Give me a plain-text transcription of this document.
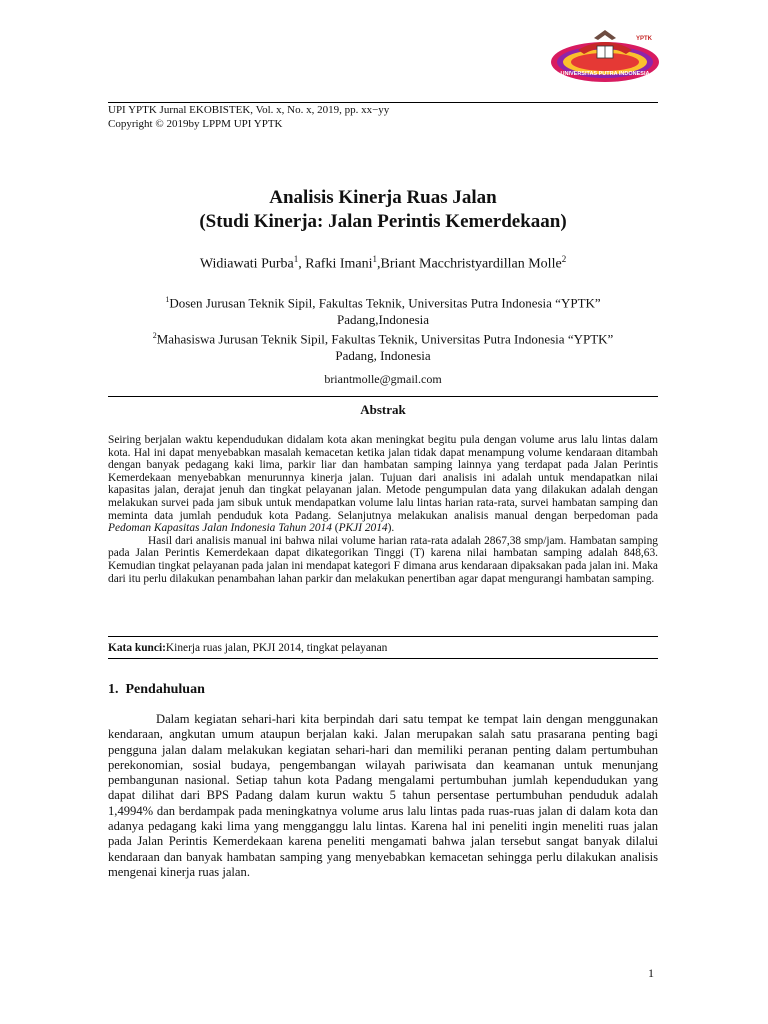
YPTK
UNIVERSITAS PUTRA INDONESIA
UPI YPTK Jurnal EKOBISTEK, Vol. x, No. x, 2019, pp. xx−yy
Copyright © 2019by LPPM UPI YPTK
Analisis Kinerja Ruas Jalan
(Studi Kinerja: Jalan Perintis Kemerdekaan)
Widiawati Purba$^1$, Rafki Imani$^1$,Briant Macchristyardillan Molle$^2$
$^1$Dosen Jurusan Teknik Sipil, Fakultas Teknik, Universitas Putra Indonesia “YPTK”
Padang,Indonesia
$^2$Mahasiswa Jurusan Teknik Sipil, Fakultas Teknik, Universitas Putra Indonesia “YPTK”
Padang, Indonesia
briantmolle@gmail.com
Abstrak

Seiring berjalan waktu kependudukan didalam kota akan meningkat begitu pula dengan volume arus lalu lintas dalam kota. Hal ini dapat menyebabkan masalah kemacetan ketika jalan tidak dapat menampung volume kendaraan ditambah dengan banyak pedagang kaki lima, parkir liar dan hambatan samping lainnya yang terdapat pada Jalan Perintis Kemerdekaan menyebabkan menurunnya kinerja jalan. Tujuan dari analisis ini adalah untuk mendapatkan nilai kapasitas jalan, derajat jenuh dan tingkat pelayanan jalan. Metode pengumpulan data yang dilakukan adalah dengan melakukan survei pada jam sibuk untuk mendapatkan volume lalu lintas harian rata-rata, survei hambatan samping dan meminta data jumlah penduduk kota Padang. Selanjutnya melakukan analisis manual dengan berpedoman pada Pedoman Kapasitas Jalan Indonesia Tahun 2014 (PKJI 2014).

Hasil dari analisis manual ini bahwa nilai volume harian rata-rata adalah 2867,38 smp/jam. Hambatan samping pada Jalan Perintis Kemerdekaan dapat dikategorikan Tinggi (T) karena nilai hambatan samping adalah 848,63. Kemudian tingkat pelayanan pada jalan ini mendapat kategori F dimana arus kendaraan dipaksakan pada jalan ini. Maka dari itu perlu dilakukan penambahan lahan parkir dan melakukan penertiban agar dapat mengurangi hambatan samping.

Kata kunci:Kinerja ruas jalan, PKJI 2014, tingkat pelayanan
1.  Pendahuluan

Dalam kegiatan sehari-hari kita berpindah dari satu tempat ke tempat lain dengan menggunakan kendaraan, angkutan umum ataupun berjalan kaki. Jalan merupakan salah satu prasarana penting bagi pengguna jalan dalam melakukan kegiatan sehari-hari dan memiliki peranan penting dalam pertumbuhan perekonomian, sosial budaya, pengembangan wilayah pariwisata dan keamanan untuk menunjang pembangunan nasional. Setiap tahun kota Padang mengalami pertumbuhan jumlah kependudukan yang dapat dilihat dari BPS Padang dalam kurun waktu 5 tahun persentase pertumbuhan penduduk adalah 1,4994% dan berdampak pada meningkatnya volume arus lalu lintas pada ruas-ruas jalan di dalam kota dan adanya pedagang kaki lima yang mengganggu lalu lintas. Karena hal ini peneliti ingin meneliti ruas jalan pada Jalan Perintis Kemerdekaan karena peneliti mengamati bahwa jalan tersebut sangat banyak dilalui kendaraan dan banyak hambatan samping yang menyebabkan kemacetan sehingga perlu dilakukan analisis mengenai kinerja ruas jalan.

1
